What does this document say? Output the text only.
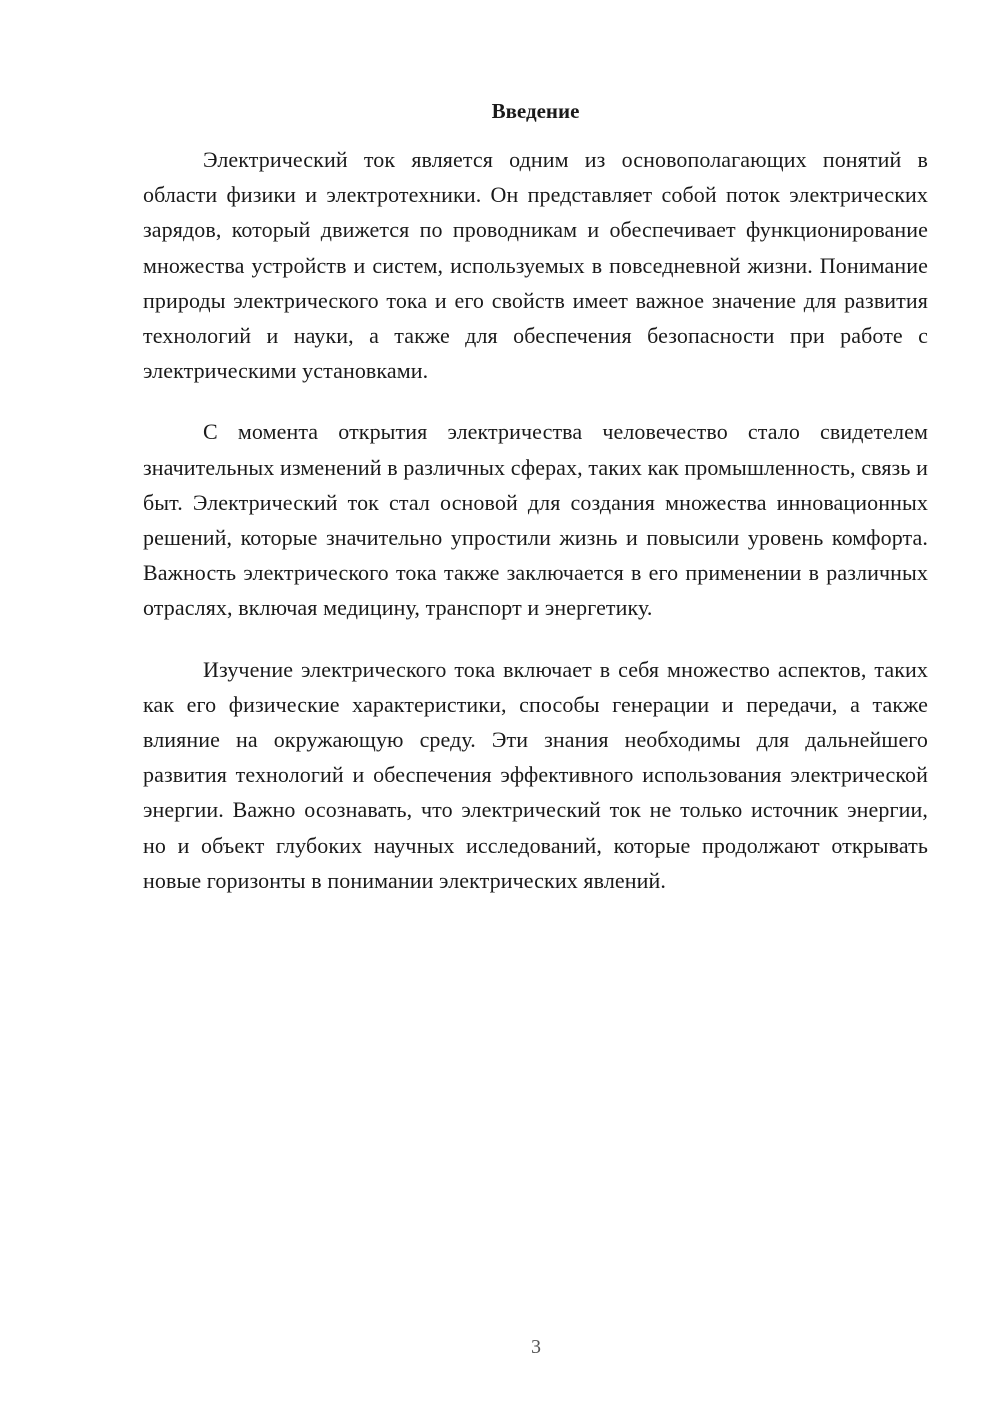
Введение

Электрический ток является одним из основополагающих понятий в области физики и электротехники. Он представляет собой поток электрических зарядов, который движется по проводникам и обеспечивает функционирование множества устройств и систем, используемых в повседневной жизни. Понимание природы электрического тока и его свойств имеет важное значение для развития технологий и науки, а также для обеспечения безопасности при работе с электрическими установками.

С момента открытия электричества человечество стало свидетелем значительных изменений в различных сферах, таких как промышленность, связь и быт. Электрический ток стал основой для создания множества инновационных решений, которые значительно упростили жизнь и повысили уровень комфорта. Важность электрического тока также заключается в его применении в различных отраслях, включая медицину, транспорт и энергетику.

Изучение электрического тока включает в себя множество аспектов, таких как его физические характеристики, способы генерации и передачи, а также влияние на окружающую среду. Эти знания необходимы для дальнейшего развития технологий и обеспечения эффективного использования электрической энергии. Важно осознавать, что электрический ток не только источник энергии, но и объект глубоких научных исследований, которые продолжают открывать новые горизонты в понимании электрических явлений.

3
